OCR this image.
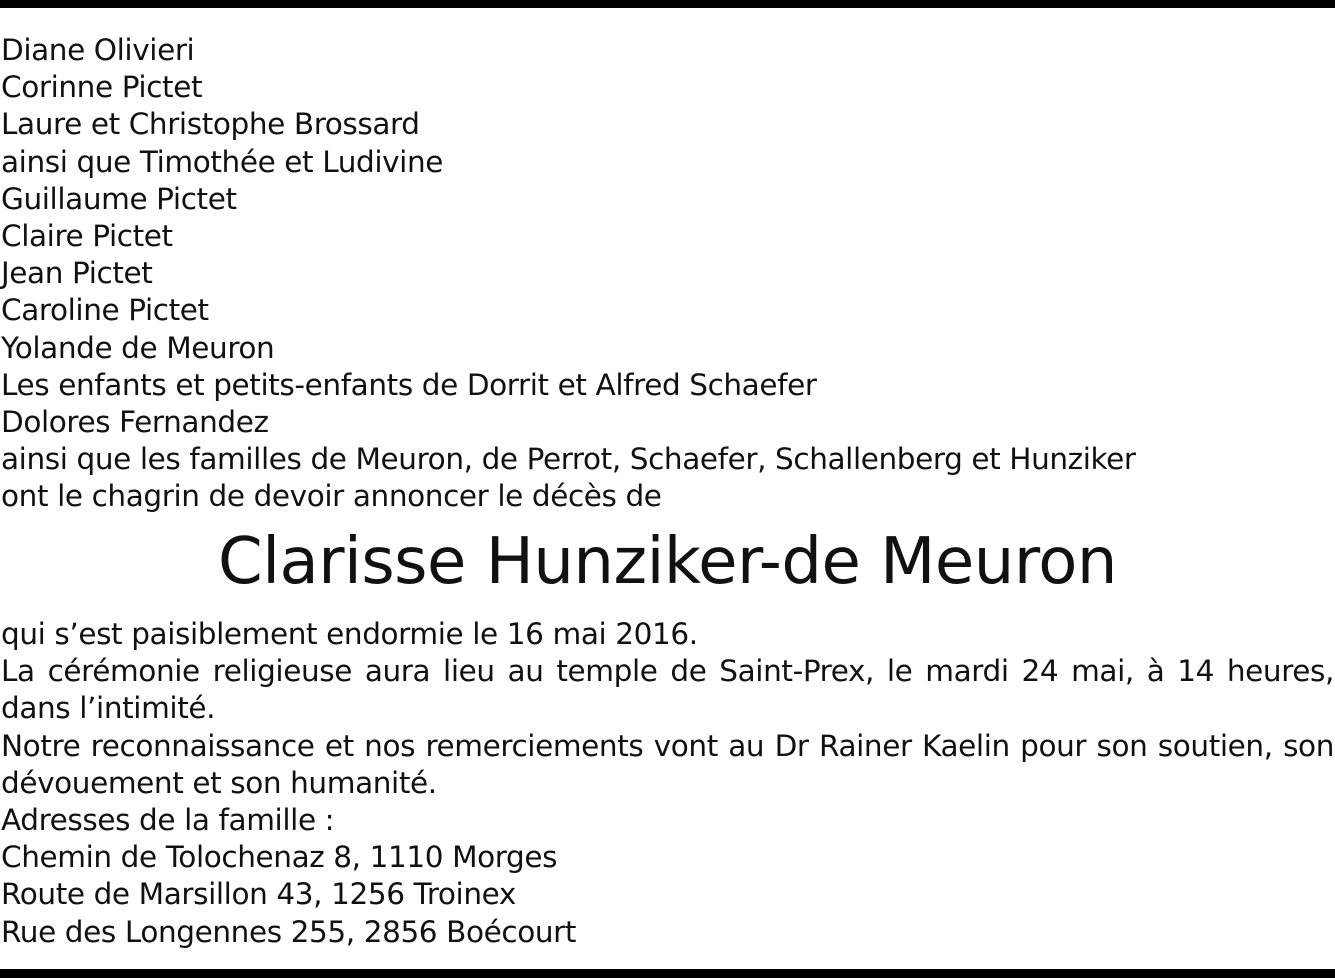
Diane Olivieri
Corinne Pictet
Laure et Christophe Brossard
ainsi que Timothée et Ludivine
Guillaume Pictet
Claire Pictet
Jean Pictet
Caroline Pictet
Yolande de Meuron
Les enfants et petits-enfants de Dorrit et Alfred Schaefer
Dolores Fernandez
ainsi que les familles de Meuron, de Perrot, Schaefer, Schallenberg et Hunziker
ont le chagrin de devoir annoncer le décès de
Clarisse Hunziker-de Meuron
qui s’est paisiblement endormie le 16 mai 2016.
La cérémonie religieuse aura lieu au temple de Saint-Prex, le mardi 24 mai, à 14 heures,
dans l’intimité.
Notre reconnaissance et nos remerciements vont au Dr Rainer Kaelin pour son soutien, son
dévouement et son humanité.
Adresses de la famille :
Chemin de Tolochenaz 8, 1110 Morges
Route de Marsillon 43, 1256 Troinex
Rue des Longennes 255, 2856 Boécourt
